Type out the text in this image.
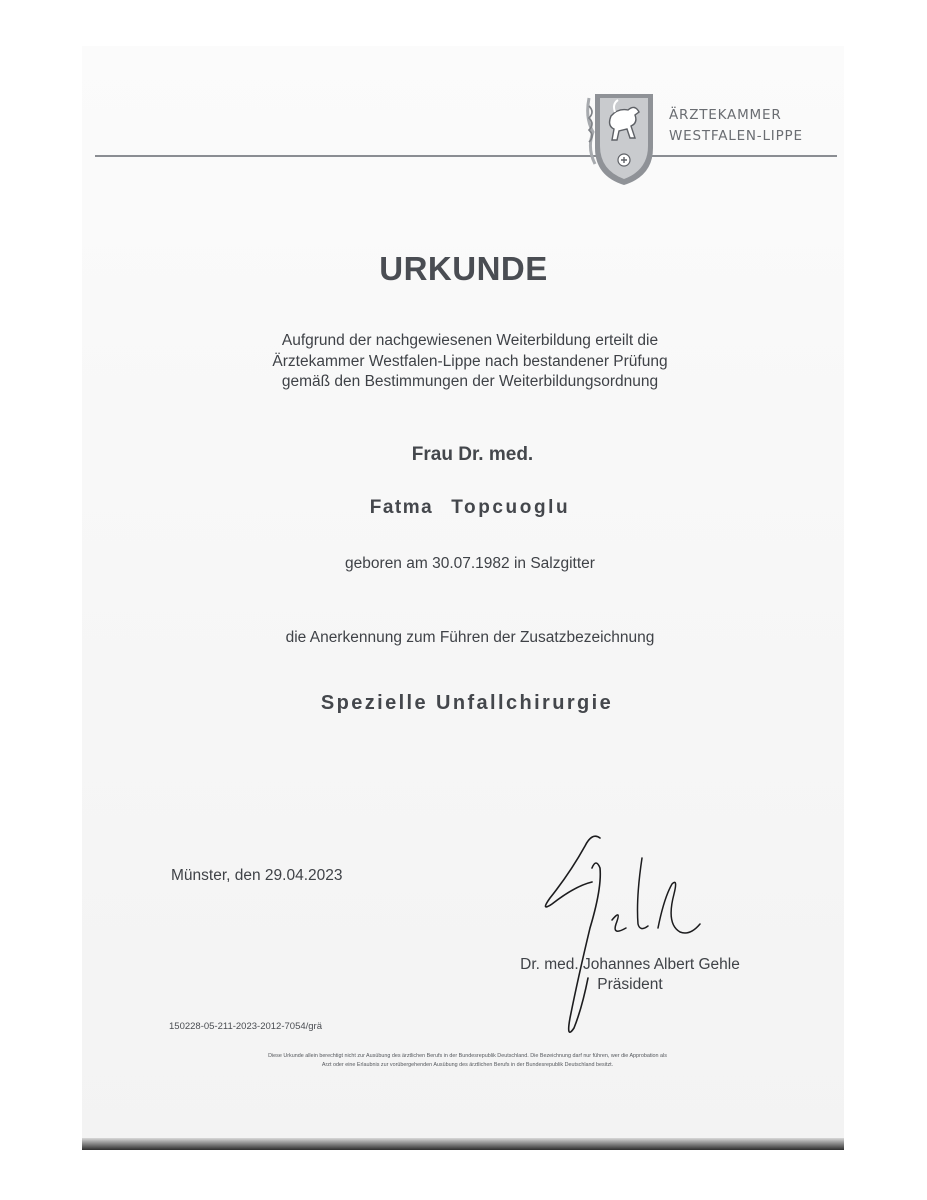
ÄRZTEKAMMER
WESTFALEN-LIPPE
URKUNDE
Aufgrund der nachgewiesenen Weiterbildung erteilt die
Ärztekammer Westfalen-Lippe nach bestandener Prüfung
gemäß den Bestimmungen der Weiterbildungsordnung
Frau Dr. med.
Fatma Topcuoglu
geboren am 30.07.1982 in Salzgitter
die Anerkennung zum Führen der Zusatzbezeichnung
Spezielle Unfallchirurgie
Münster, den 29.04.2023
Dr. med. Johannes Albert Gehle
Präsident
150228-05-211-2023-2012-7054/grä
Diese Urkunde allein berechtigt nicht zur Ausübung des ärztlichen Berufs in der Bundesrepublik Deutschland. Die Bezeichnung darf nur führen, wer die Approbation als
Arzt oder eine Erlaubnis zur vorübergehenden Ausübung des ärztlichen Berufs in der Bundesrepublik Deutschland besitzt.
